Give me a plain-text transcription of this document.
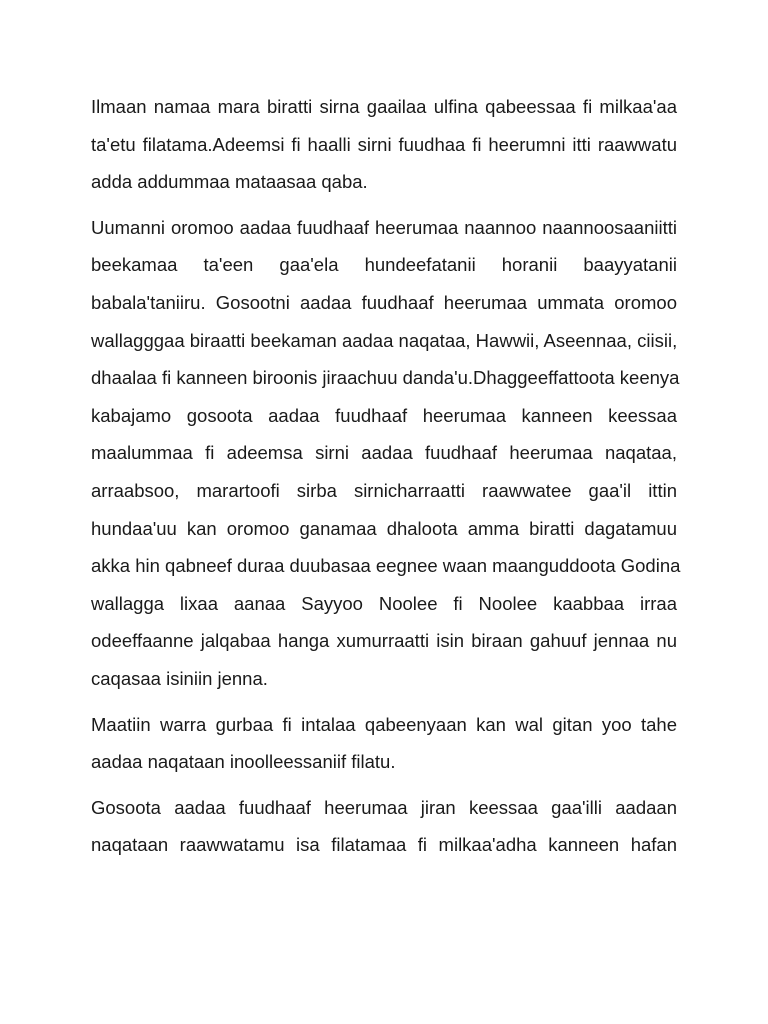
Ilmaan namaa mara biratti sirna gaailaa ulfina qabeessaa fi milkaa'aa
ta'etu filatama.Adeemsi fi haalli sirni fuudhaa fi heerumni itti raawwatu
adda addummaa mataasaa qaba.
Uumanni oromoo aadaa fuudhaaf heerumaa naannoo naannoosaaniitti
beekamaa ta'een gaa'ela hundeefatanii horanii baayyatanii
babala'taniiru. Gosootni aadaa fuudhaaf heerumaa ummata oromoo
wallagggaa biraatti beekaman aadaa naqataa, Hawwii, Aseennaa, ciisii,
dhaalaa fi kanneen biroonis jiraachuu danda'u.Dhaggeeffattoota keenya
kabajamo gosoota aadaa fuudhaaf heerumaa kanneen keessaa
maalummaa fi adeemsa sirni aadaa fuudhaaf heerumaa naqataa,
arraabsoo, marartoofi sirba sirnicharraatti raawwatee gaa'il ittin
hundaa'uu kan oromoo ganamaa dhaloota amma biratti dagatamuu
akka hin qabneef duraa duubasaa eegnee waan maanguddoota Godina
wallagga lixaa aanaa Sayyoo Noolee fi Noolee kaabbaa irraa
odeeffaanne jalqabaa hanga xumurraatti isin biraan gahuuf jennaa nu
caqasaa isiniin jenna.
Maatiin warra gurbaa fi intalaa qabeenyaan kan wal gitan yoo tahe
aadaa naqataan inoolleessaniif filatu.
Gosoota aadaa fuudhaaf heerumaa jiran keessaa gaa'illi aadaan
naqataan raawwatamu isa filatamaa fi milkaa'adha kanneen hafan
